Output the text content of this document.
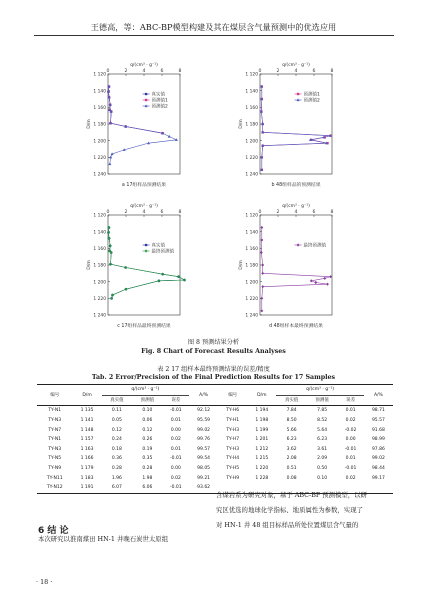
王德高，等：ABC-BP模型构建及其在煤层含气量预测中的优选应用
q/(cm³ · g⁻¹)
D/m
0	2	4	6	8
1 120
1 140
1 160
1 180
1 200
1 220
1 240
真实值
预测值1
预测值2
a 17组样品预测结果
q/(cm³ · g⁻¹)
D/m
0	2	4	6	8
1 120
1 140
1 160
1 180
1 200
1 220
1 240
预测值1
预测值2
b 48组样品的预测结果
q/(cm³ · g⁻¹)
D/m
0	2	4	6	8
1 120
1 140
1 160
1 180
1 200
1 220
1 240
真实值
最终预测值
c 17组样品最终预测结果
q/(cm³ · g⁻¹)
D/m
0	2	4	6	8
1 120
1 140
1 160
1 180
1 200
1 220
1 240
最终预测值
d 48组样本最终预测结果
图 8 预测结果分析
Fig. 8 Chart of Forecast Results Analyses
表 2 17 组样本最终预测结果的误差/精度
Tab. 2 Error/Precision of the Final Prediction Results for 17 Samples
编号	D/m	q/(cm³ · g⁻¹)			A/%	编号	D/m	q/(cm³ · g⁻¹)			A/%
		真实值	预测值	误差				真实值	预测值	误差	
TY-N1	1 135	0.11	0.10	-0.01	92.12	TY-H6	1 194	7.84	7.85	0.01	98.71
TY-N3	1 141	0.05	0.06	0.01	95.59	TY-H1	1 198	8.50	8.52	0.02	95.57
TY-N7	1 148	0.12	0.12	0.00	99.02	TY-H3	1 199	5.66	5.64	-0.02	91.68
TY-N1	1 157	0.24	0.26	0.02	99.76	TY-H7	1 201	6.23	6.23	0.00	98.99
TY-N3	1 163	0.18	0.19	0.01	99.57	TY-H3	1 212	3.62	3.61	-0.01	97.86
TY-N5	1 166	0.36	0.35	-0.01	99.54	TY-H4	1 215	2.08	2.09	0.01	99.02
TY-N9	1 179	0.28	0.28	0.00	98.05	TY-H5	1 220	0.51	0.50	-0.01	98.44
TY-N11	1 183	1.96	1.98	0.02	99.21	TY-H9	1 228	0.08	0.10	0.02	99.17
TY-N12	1 191	6.07	6.06	-0.01	93.62						
6 结 论
本次研究以淮南煤田 HN-1 井晚石炭世太原组
含煤岩系为研究对象，基于 ABC-BP 预测模型，以研
究区优选的地球化学指标、地质属性为参数，实现了
对 HN-1 井 48 组目标样品所处位置煤层含气量的
· 18 ·
